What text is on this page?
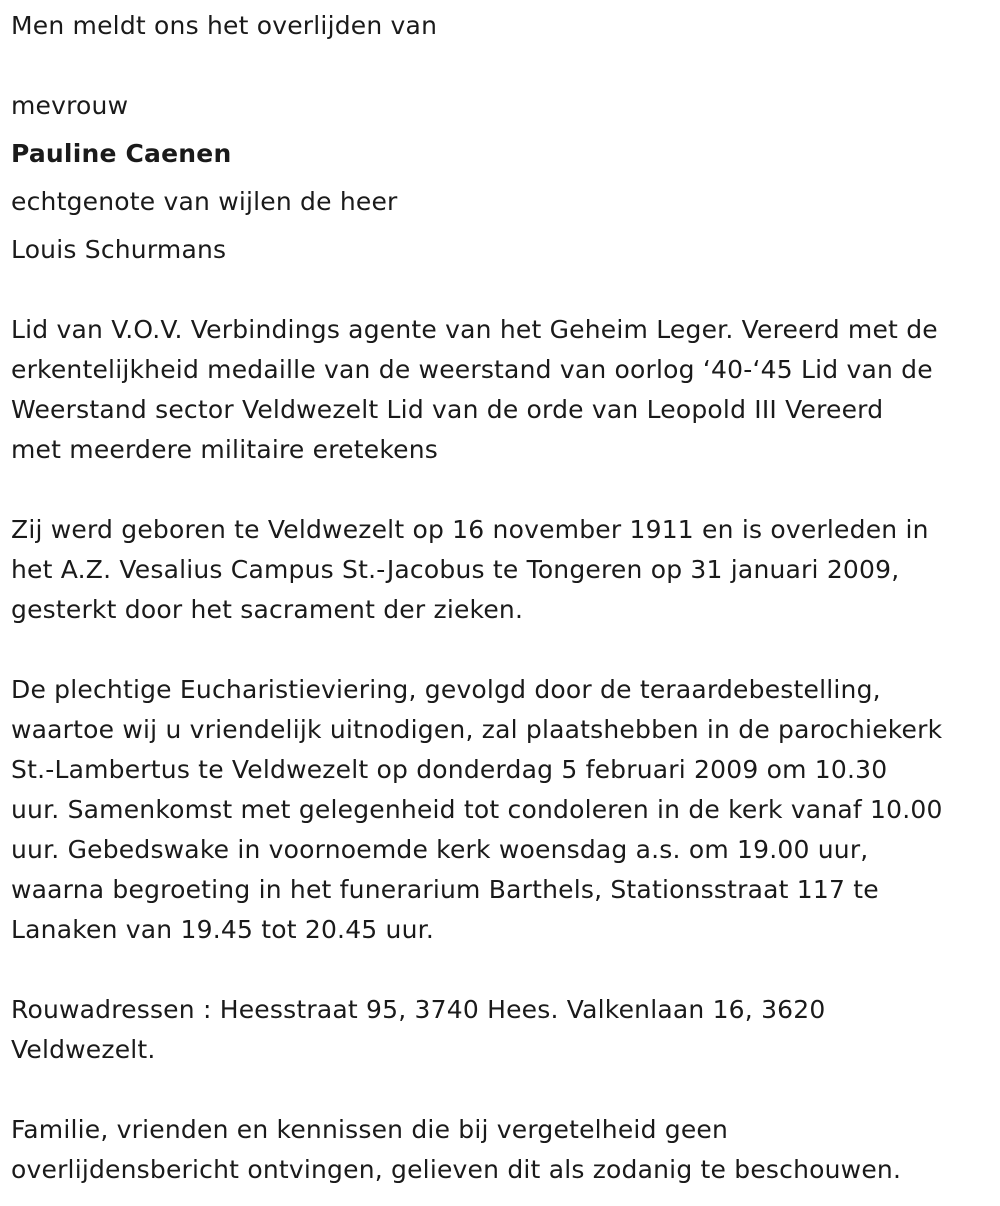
Men meldt ons het overlijden van
mevrouw
Pauline Caenen
echtgenote van wijlen de heer
Louis Schurmans
Lid van V.O.V. Verbindings agente van het Geheim Leger. Vereerd met de
erkentelijkheid medaille van de weerstand van oorlog ‘40-‘45 Lid van de
Weerstand sector Veldwezelt Lid van de orde van Leopold III Vereerd
met meerdere militaire eretekens
Zij werd geboren te Veldwezelt op 16 november 1911 en is overleden in
het A.Z. Vesalius Campus St.-Jacobus te Tongeren op 31 januari 2009,
gesterkt door het sacrament der zieken.
De plechtige Eucharistieviering, gevolgd door de teraardebestelling,
waartoe wij u vriendelijk uitnodigen, zal plaatshebben in de parochiekerk
St.-Lambertus te Veldwezelt op donderdag 5 februari 2009 om 10.30
uur. Samenkomst met gelegenheid tot condoleren in de kerk vanaf 10.00
uur. Gebedswake in voornoemde kerk woensdag a.s. om 19.00 uur,
waarna begroeting in het funerarium Barthels, Stationsstraat 117 te
Lanaken van 19.45 tot 20.45 uur.
Rouwadressen : Heesstraat 95, 3740 Hees. Valkenlaan 16, 3620
Veldwezelt.
Familie, vrienden en kennissen die bij vergetelheid geen
overlijdensbericht ontvingen, gelieven dit als zodanig te beschouwen.
